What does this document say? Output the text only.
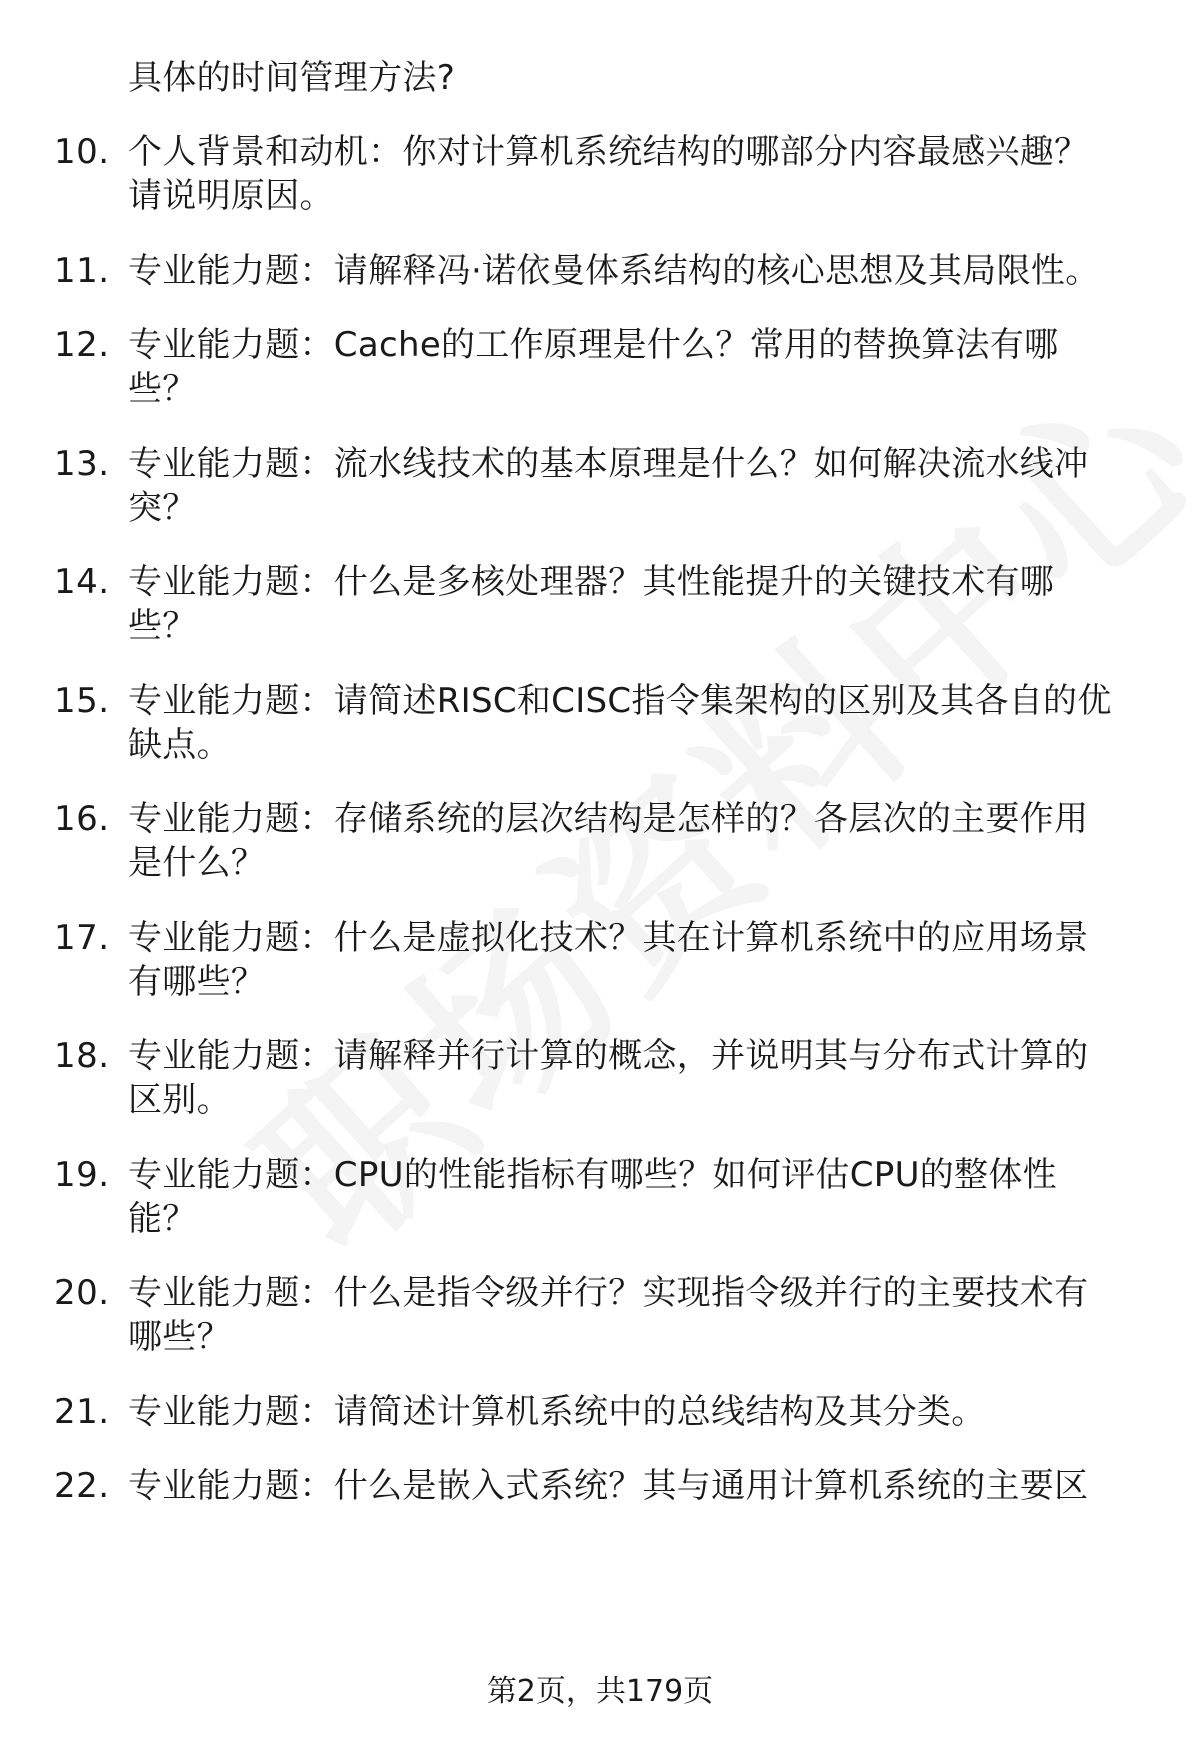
具体的时间管理方法?
10. 个人背景和动机：你对计算机系统结构的哪部分内容最感兴趣？
请说明原因。
11. 专业能力题：请解释冯·诺依曼体系结构的核心思想及其局限性。
12. 专业能力题：Cache的工作原理是什么？常用的替换算法有哪
些？
13. 专业能力题：流水线技术的基本原理是什么？如何解决流水线冲
突？
14. 专业能力题：什么是多核处理器？其性能提升的关键技术有哪
些？
15. 专业能力题：请简述RISC和CISC指令集架构的区别及其各自的优
缺点。
16. 专业能力题：存储系统的层次结构是怎样的？各层次的主要作用
是什么？
17. 专业能力题：什么是虚拟化技术？其在计算机系统中的应用场景
有哪些？
18. 专业能力题：请解释并行计算的概念，并说明其与分布式计算的
区别。
19. 专业能力题：CPU的性能指标有哪些？如何评估CPU的整体性
能？
20. 专业能力题：什么是指令级并行？实现指令级并行的主要技术有
哪些？
21. 专业能力题：请简述计算机系统中的总线结构及其分类。
22. 专业能力题：什么是嵌入式系统？其与通用计算机系统的主要区
第2页，共179页
